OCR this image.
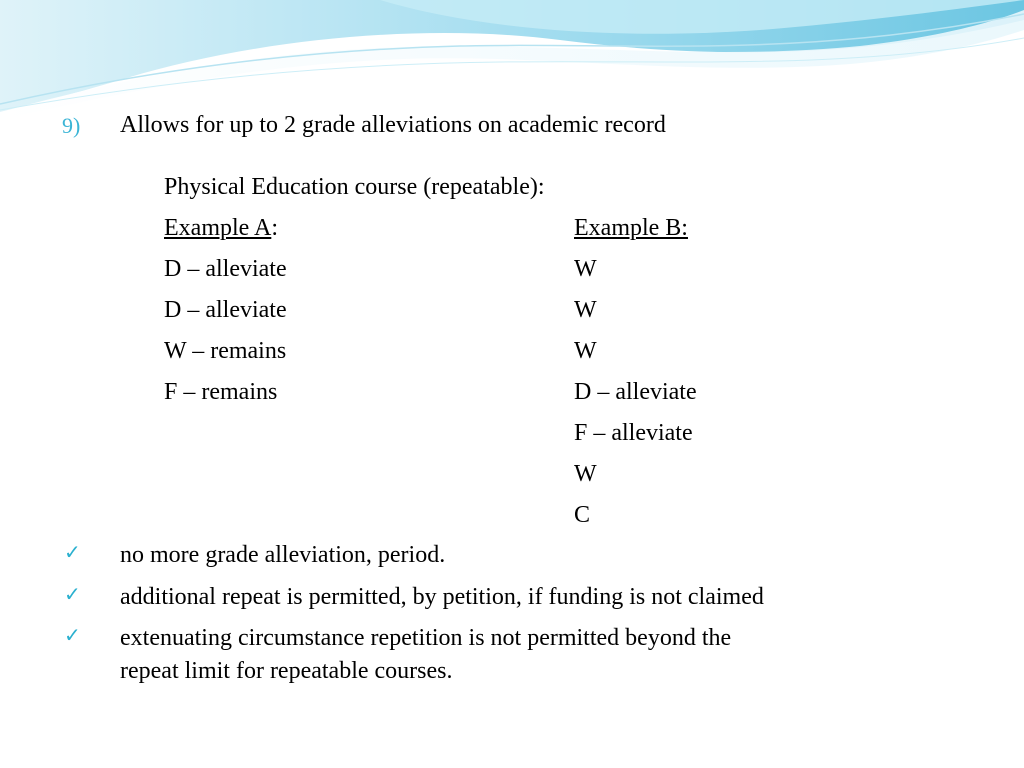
9) Allows for up to 2 grade alleviations on academic record
Physical Education course (repeatable):
Example A:	Example B:
D – alleviate
D – alleviate
W – remains
F – remains
W
W
W
D – alleviate
F – alleviate
W
C
✓ no more grade alleviation, period.
✓ additional repeat is permitted, by petition, if funding is not claimed
✓ extenuating circumstance repetition is not permitted beyond the
repeat limit for repeatable courses.
